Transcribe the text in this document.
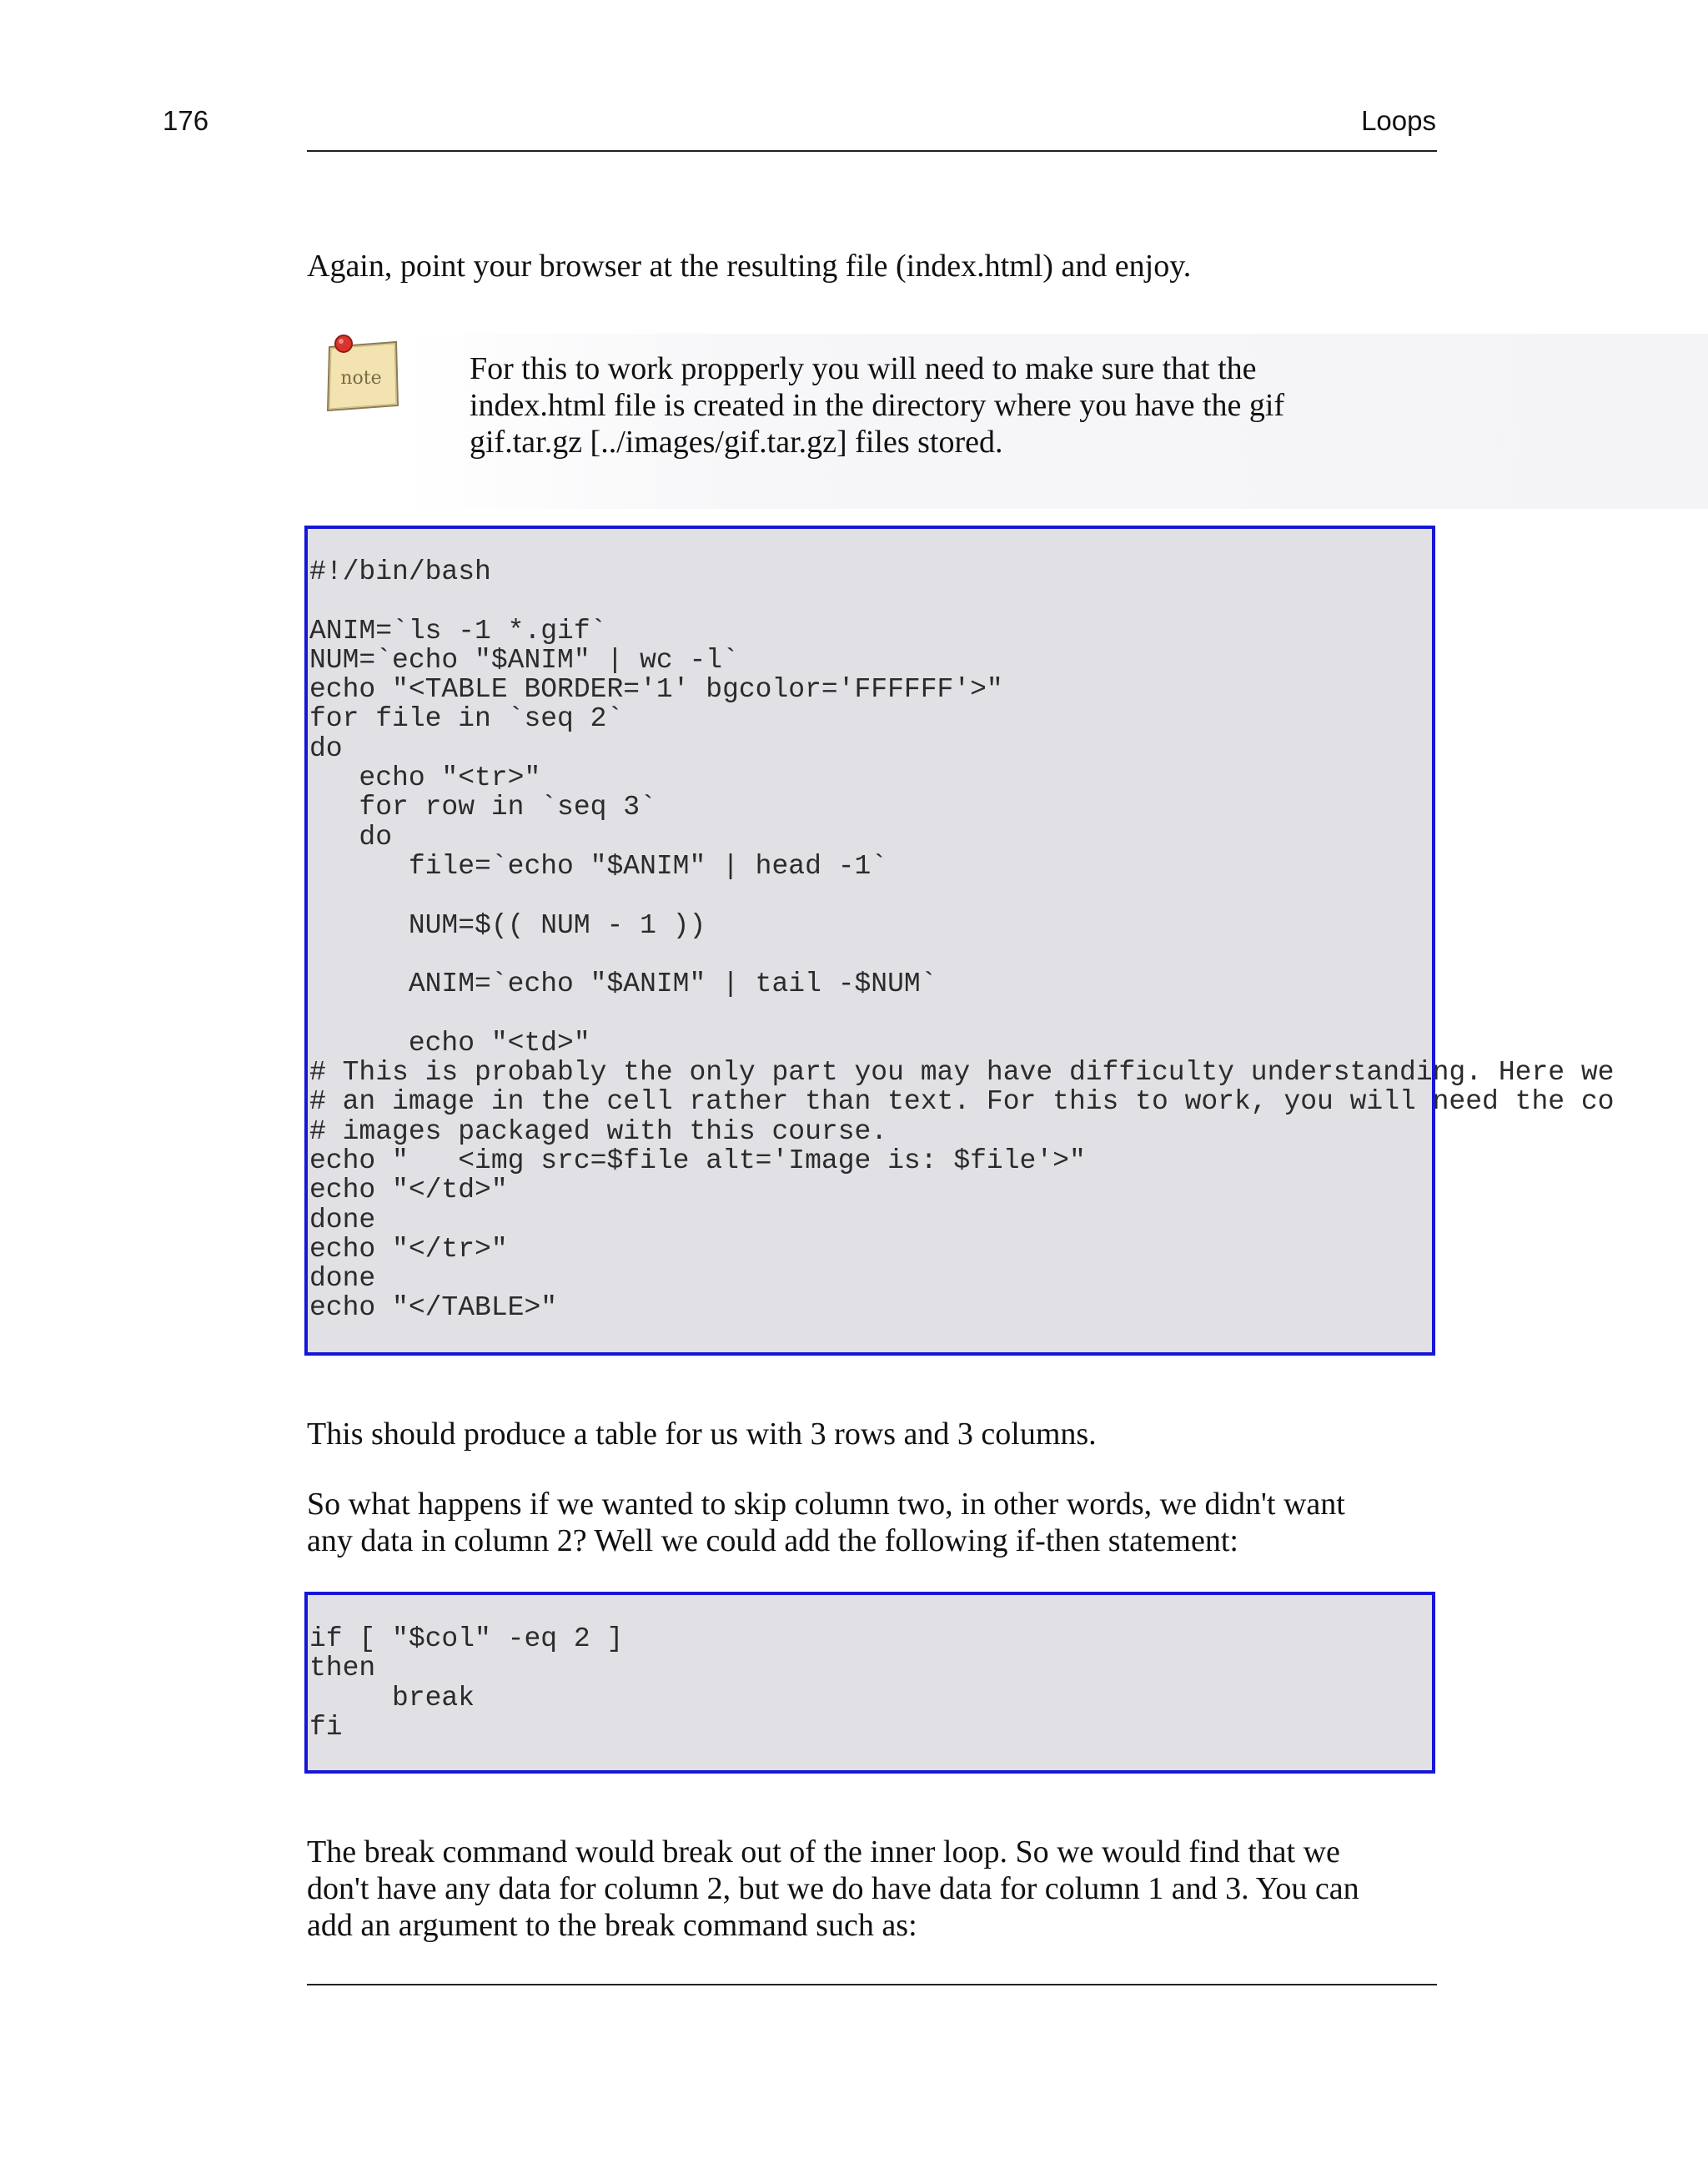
176	Loops
Again, point your browser at the resulting file (index.html) and enjoy.
note	For this to work propperly you will need to make sure that the
index.html file is created in the directory where you have the gif
gif.tar.gz [../images/gif.tar.gz] files stored.
#!/bin/bash

ANIM=`ls -1 *.gif`
NUM=`echo "$ANIM" | wc -l`
echo "<TABLE BORDER='1' bgcolor='FFFFFF'>"
for file in `seq 2`
do
echo "<tr>"
for row in `seq 3`
do
file=`echo "$ANIM" | head -1`

NUM=$(( NUM - 1 ))

ANIM=`echo "$ANIM" | tail -$NUM`

echo "<td>"
# This is probably the only part you may have difficulty understanding. Here we
# an image in the cell rather than text. For this to work, you will need the co
# images packaged with this course.
echo "   <img src=$file alt='Image is: $file'>"
echo "</td>"
done
echo "</tr>"
done
echo "</TABLE>"
This should produce a table for us with 3 rows and 3 columns.
So what happens if we wanted to skip column two, in other words, we didn't want
any data in column 2? Well we could add the following if-then statement:
if [ "$col" -eq 2 ]
then
break
fi
The break command would break out of the inner loop. So we would find that we
don't have any data for column 2, but we do have data for column 1 and 3. You can
add an argument to the break command such as:
